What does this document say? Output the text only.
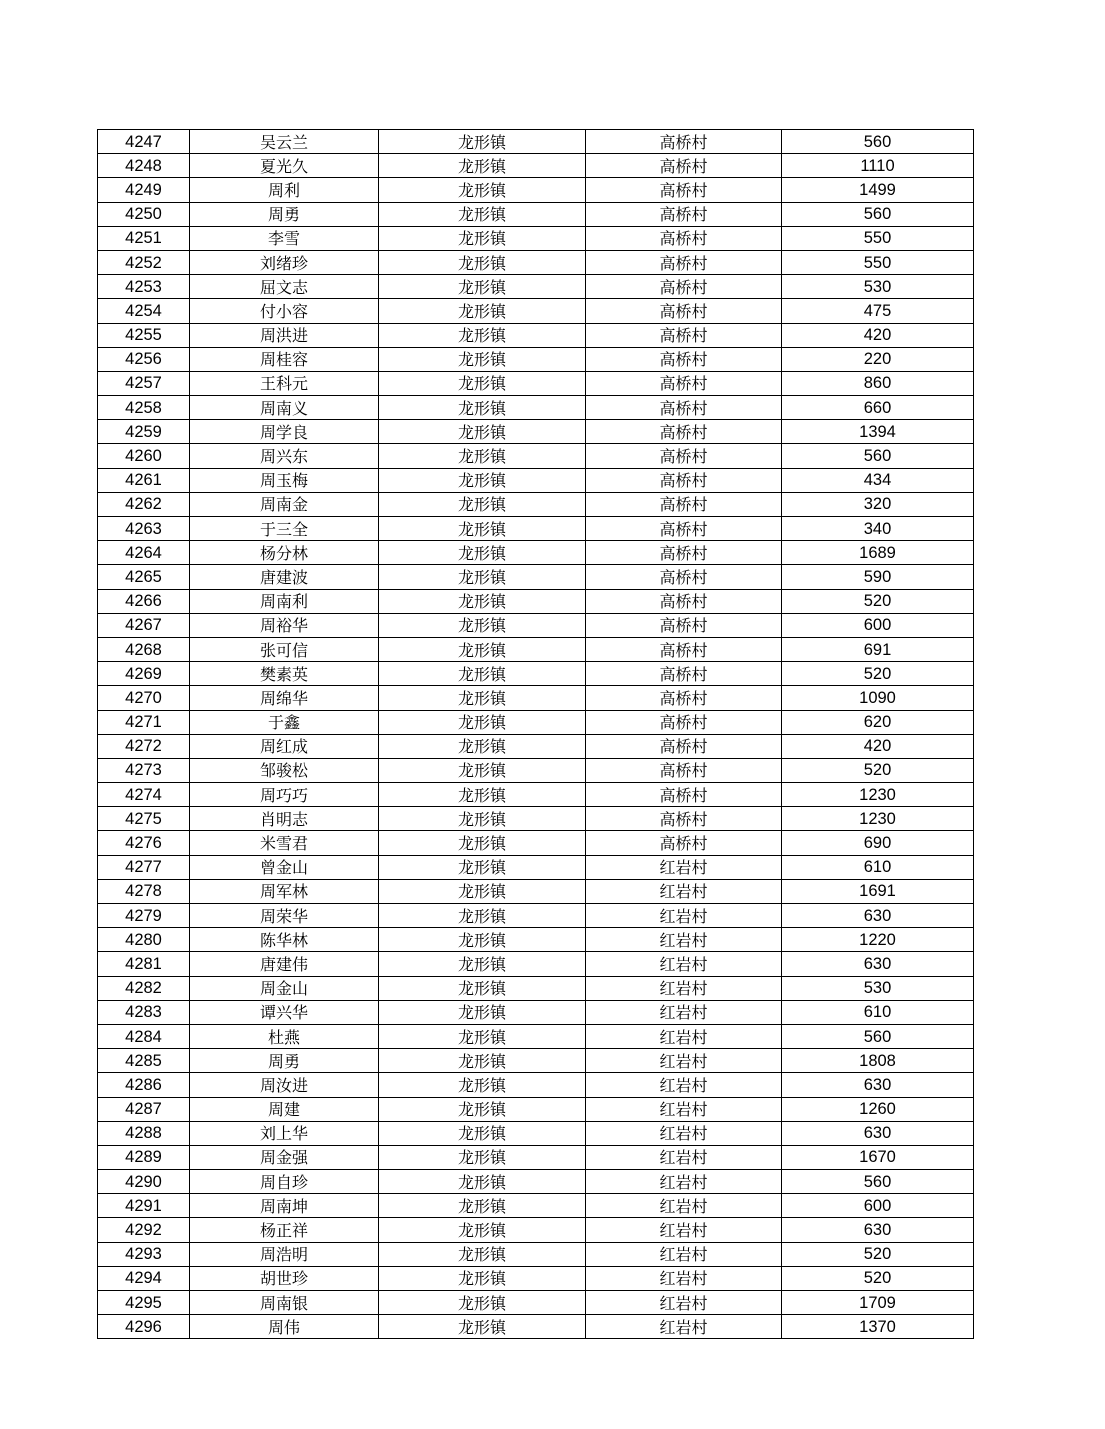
4247	吴云兰	龙形镇	高桥村	560
4248	夏光久	龙形镇	高桥村	1110
4249	周利	龙形镇	高桥村	1499
4250	周勇	龙形镇	高桥村	560
4251	李雪	龙形镇	高桥村	550
4252	刘绪珍	龙形镇	高桥村	550
4253	屈文志	龙形镇	高桥村	530
4254	付小容	龙形镇	高桥村	475
4255	周洪进	龙形镇	高桥村	420
4256	周桂容	龙形镇	高桥村	220
4257	王科元	龙形镇	高桥村	860
4258	周南义	龙形镇	高桥村	660
4259	周学良	龙形镇	高桥村	1394
4260	周兴东	龙形镇	高桥村	560
4261	周玉梅	龙形镇	高桥村	434
4262	周南金	龙形镇	高桥村	320
4263	于三全	龙形镇	高桥村	340
4264	杨分林	龙形镇	高桥村	1689
4265	唐建波	龙形镇	高桥村	590
4266	周南利	龙形镇	高桥村	520
4267	周裕华	龙形镇	高桥村	600
4268	张可信	龙形镇	高桥村	691
4269	樊素英	龙形镇	高桥村	520
4270	周绵华	龙形镇	高桥村	1090
4271	于鑫	龙形镇	高桥村	620
4272	周红成	龙形镇	高桥村	420
4273	邹骏松	龙形镇	高桥村	520
4274	周巧巧	龙形镇	高桥村	1230
4275	肖明志	龙形镇	高桥村	1230
4276	米雪君	龙形镇	高桥村	690
4277	曾金山	龙形镇	红岩村	610
4278	周军林	龙形镇	红岩村	1691
4279	周荣华	龙形镇	红岩村	630
4280	陈华林	龙形镇	红岩村	1220
4281	唐建伟	龙形镇	红岩村	630
4282	周金山	龙形镇	红岩村	530
4283	谭兴华	龙形镇	红岩村	610
4284	杜燕	龙形镇	红岩村	560
4285	周勇	龙形镇	红岩村	1808
4286	周汝进	龙形镇	红岩村	630
4287	周建	龙形镇	红岩村	1260
4288	刘上华	龙形镇	红岩村	630
4289	周金强	龙形镇	红岩村	1670
4290	周自珍	龙形镇	红岩村	560
4291	周南坤	龙形镇	红岩村	600
4292	杨正祥	龙形镇	红岩村	630
4293	周浩明	龙形镇	红岩村	520
4294	胡世珍	龙形镇	红岩村	520
4295	周南银	龙形镇	红岩村	1709
4296	周伟	龙形镇	红岩村	1370
